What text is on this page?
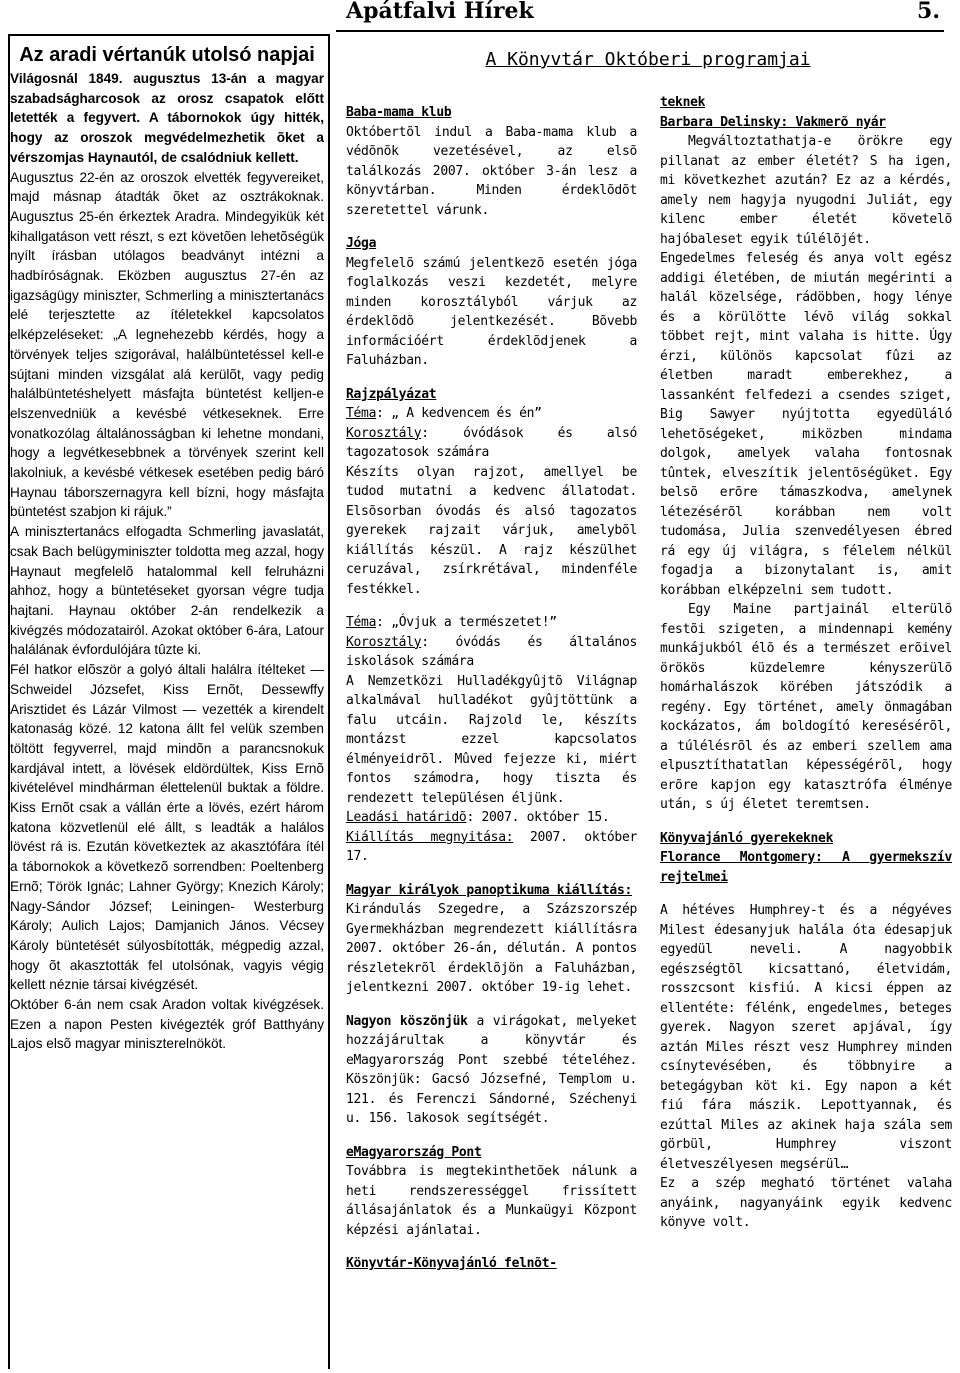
Apátfalvi Hírek	5.
Az aradi vértanúk utolsó napjai

Világosnál 1849. augusztus 13-án a magyar szabadságharcosok az orosz csapatok előtt letették a fegyvert. A tábornokok úgy hitték, hogy az oroszok megvédelmezhetik õket a vérszomjas Haynautól, de csalódniuk kellett.

Augusztus 22-én az oroszok elvették fegyvereiket, majd másnap átadták õket az osztrákoknak. Augusztus 25-én érkeztek Aradra. Mindegyikük két kihallgatáson vett részt, s ezt követõen lehetõségük nyílt írásban utólagos beadványt intézni a hadbíróságnak. Eközben augusztus 27-én az igazságügy miniszter, Schmerling a minisztertanács elé terjesztette az ítéletekkel kapcsolatos elképzeléseket: „A legnehezebb kérdés, hogy a törvények teljes szigorával, halálbüntetéssel kell-e sújtani minden vizsgálat alá kerülõt, vagy pedig halálbüntetéshelyett másfajta büntetést kelljen-e elszenvedniük a kevésbé vétkeseknek. Erre vonatkozólag általánosságban ki lehetne mondani, hogy a legvétkesebbnek a törvények szerint kell lakolniuk, a kevésbé vétkesek esetében pedig báró Haynau táborszernagyra kell bízni, hogy másfajta büntetést szabjon ki rájuk.”

A minisztertanács elfogadta Schmerling javaslatát, csak Bach belügyminiszter toldotta meg azzal, hogy Haynaut megfelelõ hatalommal kell felruházni ahhoz, hogy a büntetéseket gyorsan végre tudja hajtani. Haynau október 2-án rendelkezik a kivégzés módozatairól. Azokat október 6-ára, Latour halálának évfordulójára tûzte ki.

Fél hatkor elõször a golyó általi halálra ítélteket — Schweidel Józsefet, Kiss Ernõt, Dessewffy Arisztidet és Lázár Vilmost — vezették a kirendelt katonaság közé. 12 katona állt fel velük szemben töltött fegyverrel, majd mindõn a parancsnokuk kardjával intett, a lövések eldördültek, Kiss Ernõ kivételével mindhárman élettelenül buktak a földre. Kiss Ernõt csak a vállán érte a lövés, ezért három katona közvetlenül elé állt, s leadták a halálos lövést rá is. Ezután következtek az akasztófára ítél a tábornokok a következõ sorrendben: Poeltenberg Ernõ; Török Ignác; Lahner György; Knezich Károly; Nagy-Sándor József; Leiningen- Westerburg Károly; Aulich Lajos; Damjanich János. Vécsey Károly büntetését súlyosbították, mégpedig azzal, hogy õt akasztották fel utolsónak, vagyis végig kellett néznie társai kivégzését.

Október 6-án nem csak Aradon voltak kivégzések. Ezen a napon Pesten kivégezték gróf Batthyány Lajos elsõ magyar miniszterelnököt.

A Könyvtár Októberi programjai

Baba-mama klub

Októbertõl indul a Baba-mama klub a védõnõk vezetésével, az elsõ találkozás 2007. október 3-án lesz a könyvtárban. Minden érdeklõdõt szeretettel várunk.

Jóga

Megfelelõ számú jelentkezõ esetén jóga foglalkozás veszi kezdetét, melyre minden korosztályból várjuk az érdeklõdõ jelentkezését. Bõvebb információért érdeklõdjenek a Faluházban.

Rajzpályázat

Téma: „ A kedvencem és én”

Korosztály: óvódások és alsó tagozatosok számára

Készíts olyan rajzot, amellyel be tudod mutatni a kedvenc állatodat. Elsõsorban óvodás és alsó tagozatos gyerekek rajzait várjuk, amelybõl kiállítás készül. A rajz készülhet ceruzával, zsírkrétával, mindenféle festékkel.

Téma: „Óvjuk a természetet!”

Korosztály: óvódás és általános iskolások számára

A Nemzetközi Hulladékgyûjtõ Világnap alkalmával hulladékot gyûjtöttünk a falu utcáin. Rajzold le, készíts montázst ezzel kapcsolatos élményeidrõl. Mûved fejezze ki, miért fontos számodra, hogy tiszta és rendezett településen éljünk.

Leadási határidõ: 2007. október 15.

Kiállítás megnyitása: 2007. október 17.

Magyar királyok panoptikuma kiállítás:

Kirándulás Szegedre, a Százszorszép Gyermekházban megrendezett kiállításra 2007. október 26-án, délután. A pontos részletekrõl érdeklõjön a Faluházban, jelentkezni 2007. október 19-ig lehet.

Nagyon köszönjük a virágokat, melyeket hozzájárultak a könyvtár és eMagyarország Pont szebbé tételéhez. Köszönjük: Gacsó Józsefné, Templom u. 121. és Ferenczi Sándorné, Széchenyi u. 156. lakosok segítségét.

eMagyarország Pont

Továbbra is megtekinthetõek nálunk a heti rendszerességgel frissített állásajánlatok és a Munkaügyi Központ képzési ajánlatai.

Könyvtár-Könyvajánló felnõt-

teknek

Barbara Delinsky: Vakmerõ nyár

Megváltoztathatja-e örökre egy pillanat az ember életét? S ha igen, mi következhet azután? Ez az a kérdés, amely nem hagyja nyugodni Juliát, egy kilenc ember életét követelõ hajóbaleset egyik túlélõjét.

Engedelmes feleség és anya volt egész addigi életében, de miután megérinti a halál közelsége, rádöbben, hogy lénye és a körülötte lévõ világ sokkal többet rejt, mint valaha is hitte. Úgy érzi, különös kapcsolat fûzi az életben maradt emberekhez, a lassanként felfedezi a csendes sziget, Big Sawyer nyújtotta egyedüláló lehetõségeket, miközben mindama dolgok, amelyek valaha fontosnak tûntek, elveszítik jelentõségüket. Egy belsõ erõre támaszkodva, amelynek létezésérõl korábban nem volt tudomása, Julia szenvedélyesen ébred rá egy új világra, s félelem nélkül fogadja a bizonytalant is, amit korábban elképzelni sem tudott.

Egy Maine partjainál elterülõ festõi szigeten, a mindennapi kemény munkájukból élõ és a természet erõivel örökös küzdelemre kényszerülõ homárhalászok körében játszódik a regény. Egy történet, amely önmagában kockázatos, ám boldogító keresésérõl, a túlélésrõl és az emberi szellem ama elpusztíthatatlan képességérõl, hogy erõre kapjon egy katasztrófa élménye után, s új életet teremtsen.

Könyvajánló gyerekeknek

Florance Montgomery: A gyermekszív rejtelmei

A hétéves Humphrey-t és a négyéves Milest édesanyjuk halála óta édesapjuk egyedül neveli. A nagyobbik egészségtõl kicsattanó, életvidám, rosszcsont kisfiú. A kicsi éppen az ellentéte: félénk, engedelmes, beteges gyerek. Nagyon szeret apjával, így aztán Miles részt vesz Humphrey minden csínytevésében, és többnyire a betegágyban köt ki. Egy napon a két fiú fára mászik. Lepottyannak, és ezúttal Miles az akinek haja szála sem görbül, Humphrey viszont életveszélyesen megsérül…

Ez a szép megható történet valaha anyáink, nagyanyáink egyik kedvenc könyve volt.
